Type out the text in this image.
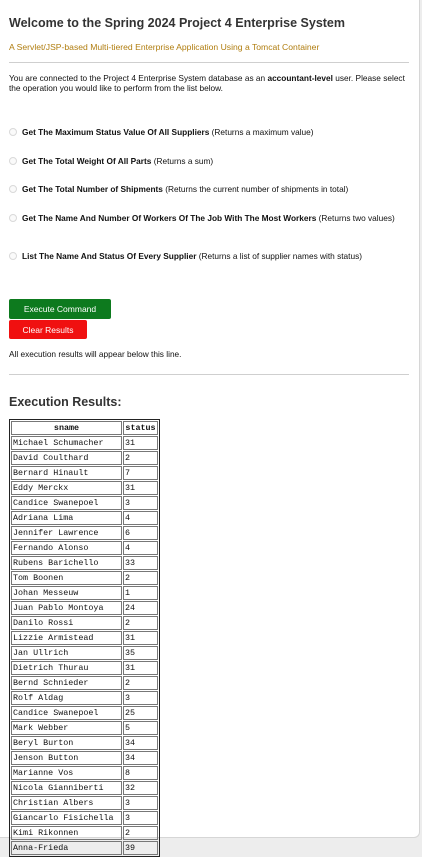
Welcome to the Spring 2024 Project 4 Enterprise System

A Servlet/JSP-based Multi-tiered Enterprise Application Using a Tomcat Container

You are connected to the Project 4 Enterprise System database as an accountant-level user. Please select the operation you would like to perform from the list below.

Get The Maximum Status Value Of All Suppliers (Returns a maximum value)
Get The Total Weight Of All Parts (Returns a sum)
Get The Total Number of Shipments (Returns the current number of shipments in total)
Get The Name And Number Of Workers Of The Job With The Most Workers (Returns two values)
List The Name And Status Of Every Supplier (Returns a list of supplier names with status)
Execute Command
Clear Results

All execution results will appear below this line.

Execution Results:
sname	status
Michael Schumacher	31
David Coulthard	2
Bernard Hinault	7
Eddy Merckx	31
Candice Swanepoel	3
Adriana Lima	4
Jennifer Lawrence	6
Fernando Alonso	4
Rubens Barichello	33
Tom Boonen	2
Johan Messeuw	1
Juan Pablo Montoya	24
Danilo Rossi	2
Lizzie Armistead	31
Jan Ullrich	35
Dietrich Thurau	31
Bernd Schnieder	2
Rolf Aldag	3
Candice Swanepoel	25
Mark Webber	5
Beryl Burton	34
Jenson Button	34
Marianne Vos	8
Nicola Gianniberti	32
Christian Albers	3
Giancarlo Fisichella	3
Kimi Rikonnen	2
Anna-Frieda	39
